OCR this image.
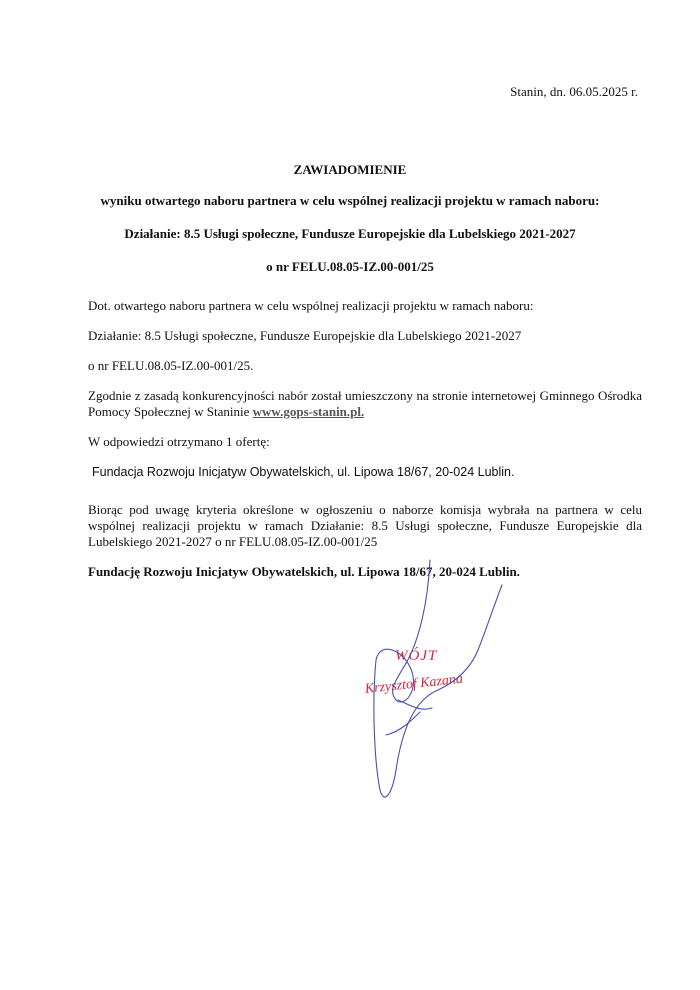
Stanin, dn. 06.05.2025 r.
ZAWIADOMIENIE
wyniku otwartego naboru partnera w celu wspólnej realizacji projektu w ramach naboru:
Działanie: 8.5 Usługi społeczne, Fundusze Europejskie dla Lubelskiego 2021-2027
o nr FELU.08.05-IZ.00-001/25

Dot. otwartego naboru partnera w celu wspólnej realizacji projektu w ramach naboru:

Działanie: 8.5 Usługi społeczne, Fundusze Europejskie dla Lubelskiego 2021-2027

o nr FELU.08.05-IZ.00-001/25.

Zgodnie z zasadą konkurencyjności nabór został umieszczony na stronie internetowej Gminnego Ośrodka Pomocy Społecznej w Staninie www.gops-stanin.pl.

W odpowiedzi otrzymano 1 ofertę:

Fundacja Rozwoju Inicjatyw Obywatelskich, ul. Lipowa 18/67, 20-024 Lublin.

Biorąc pod uwagę kryteria określone w ogłoszeniu o naborze komisja wybrała na partnera w celu wspólnej realizacji projektu w ramach Działanie: 8.5 Usługi społeczne, Fundusze Europejskie dla Lubelskiego 2021-2027 o nr FELU.08.05-IZ.00-001/25

Fundację Rozwoju Inicjatyw Obywatelskich, ul. Lipowa 18/67, 20-024 Lublin.

WÓJT
Krzysztof Kazana
